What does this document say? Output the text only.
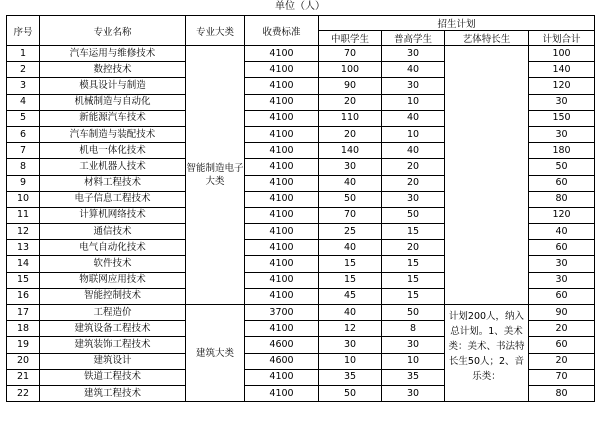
单位（人）
序号	专业名称	专业大类	收费标准	招生计划			
				中职学生	普高学生	艺体特长生	计划合计
1	汽车运用与维修技术	智能制造电子大类	4100	70	30		100
2	数控技术		4100	100	40		140
3	模具设计与制造		4100	90	30		120
4	机械制造与自动化		4100	20	10		30
5	新能源汽车技术		4100	110	40		150
6	汽车制造与装配技术		4100	20	10		30
7	机电一体化技术		4100	140	40		180
8	工业机器人技术		4100	30	20		50
9	材料工程技术		4100	40	20		60
10	电子信息工程技术		4100	50	30		80
11	计算机网络技术		4100	70	50		120
12	通信技术		4100	25	15		40
13	电气自动化技术		4100	40	20		60
14	软件技术		4100	15	15		30
15	物联网应用技术		4100	15	15		30
16	智能控制技术		4100	45	15		60
17	工程造价	建筑大类	3700	40	50	计划200人，纳入总计划。1、美术类：美术、书法特长生50人；2、音乐类：	90
18	建筑设备工程技术		4100	12	8		20
19	建筑装饰工程技术		4600	30	30		60
20	建筑设计		4600	10	10		20
21	铁道工程技术		4100	35	35		70
22	建筑工程技术		4100	50	30		80
